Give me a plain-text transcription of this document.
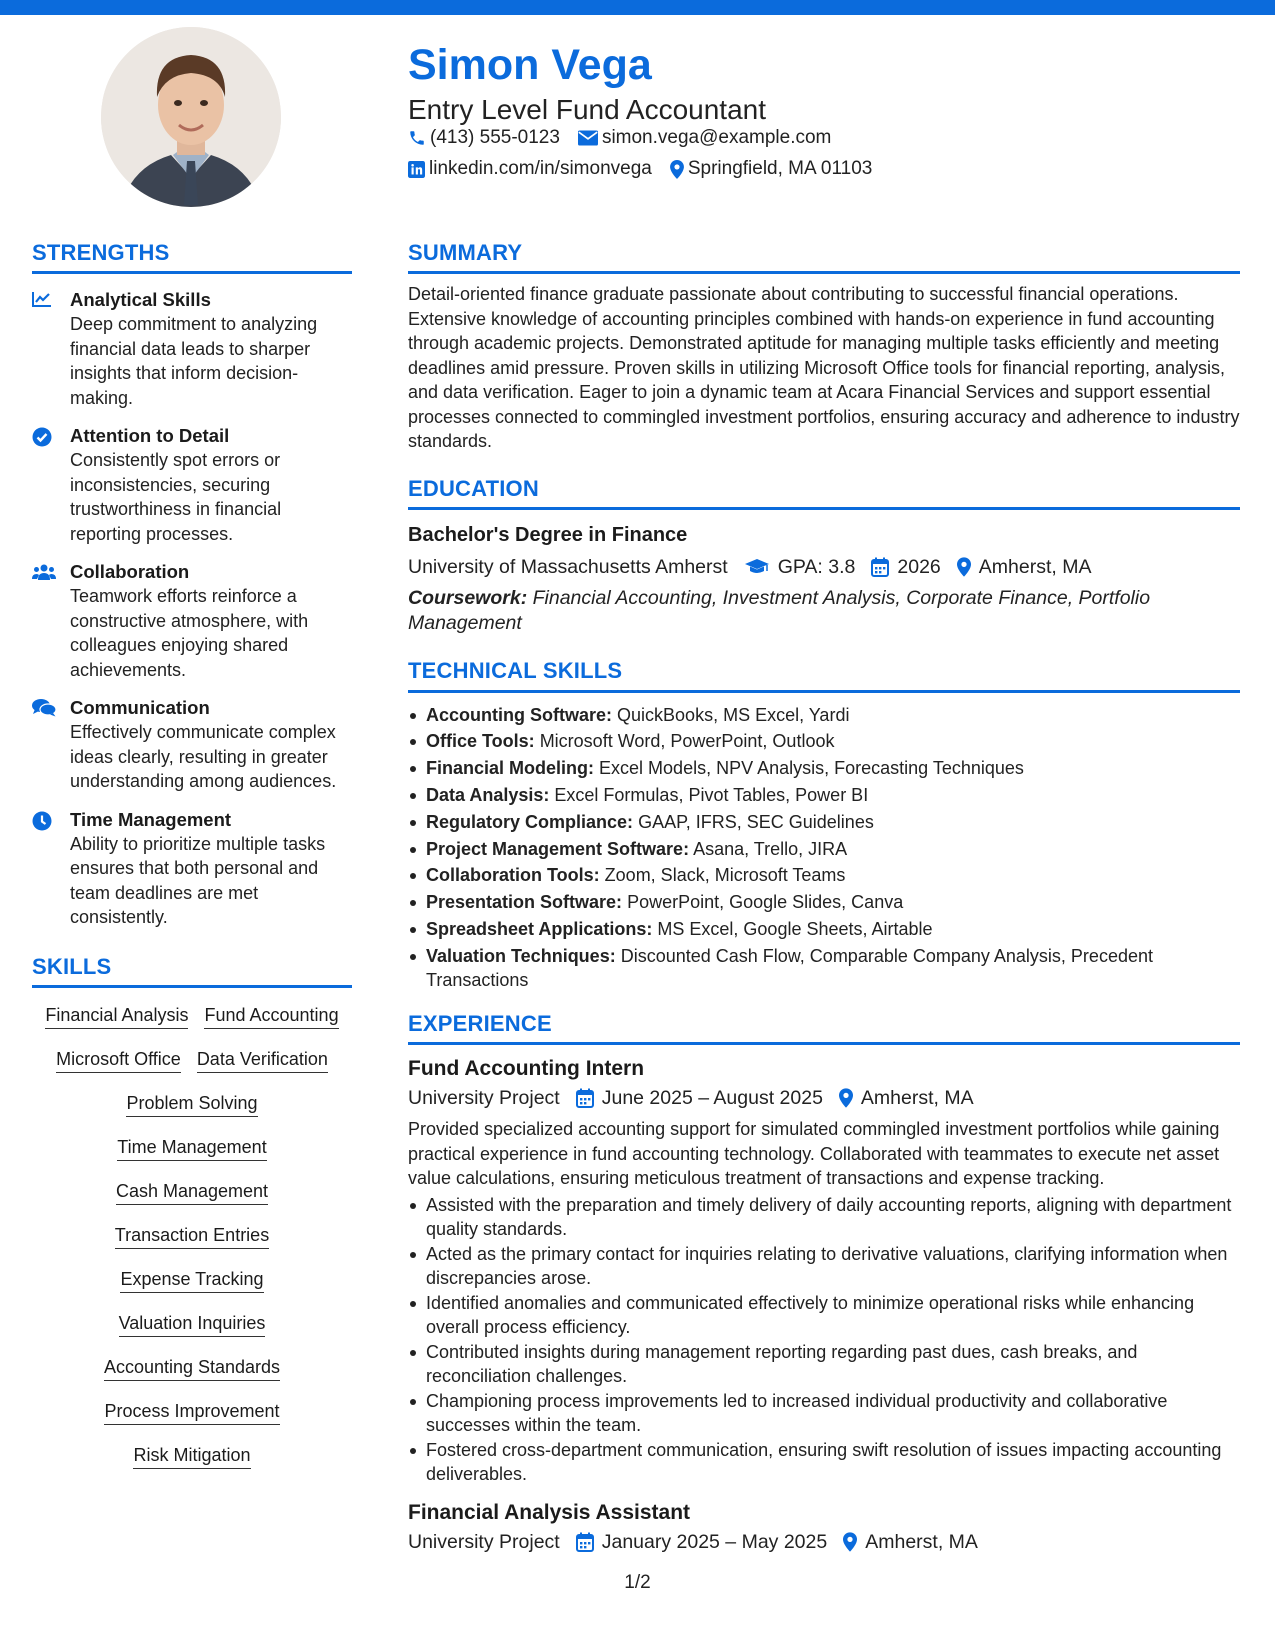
Simon Vega
Entry Level Fund Accountant
(413) 555-0123 simon.vega@example.com
linkedin.com/in/simonvega Springfield, MA 01103
STRENGTHS
Analytical Skills
Deep commitment to analyzing financial data leads to sharper insights that inform decision-making.
Attention to Detail
Consistently spot errors or inconsistencies, securing trustworthiness in financial reporting processes.
Collaboration
Teamwork efforts reinforce a constructive atmosphere, with colleagues enjoying shared achievements.
Communication
Effectively communicate complex ideas clearly, resulting in greater understanding among audiences.
Time Management
Ability to prioritize multiple tasks ensures that both personal and team deadlines are met consistently.
SKILLS
Financial Analysis Fund Accounting
Microsoft Office Data Verification
Problem Solving
Time Management
Cash Management
Transaction Entries
Expense Tracking
Valuation Inquiries
Accounting Standards
Process Improvement
Risk Mitigation
SUMMARY
Detail-oriented finance graduate passionate about contributing to successful financial operations. Extensive knowledge of accounting principles combined with hands-on experience in fund accounting through academic projects. Demonstrated aptitude for managing multiple tasks efficiently and meeting deadlines amid pressure. Proven skills in utilizing Microsoft Office tools for financial reporting, analysis, and data verification. Eager to join a dynamic team at Acara Financial Services and support essential processes connected to commingled investment portfolios, ensuring accuracy and adherence to industry standards.
EDUCATION
Bachelor's Degree in Finance
University of Massachusetts Amherst	GPA: 3.8 2026 Amherst, MA
Coursework: Financial Accounting, Investment Analysis, Corporate Finance, Portfolio Management
TECHNICAL SKILLS
Accounting Software: QuickBooks, MS Excel, Yardi
Office Tools: Microsoft Word, PowerPoint, Outlook
Financial Modeling: Excel Models, NPV Analysis, Forecasting Techniques
Data Analysis: Excel Formulas, Pivot Tables, Power BI
Regulatory Compliance: GAAP, IFRS, SEC Guidelines
Project Management Software: Asana, Trello, JIRA
Collaboration Tools: Zoom, Slack, Microsoft Teams
Presentation Software: PowerPoint, Google Slides, Canva
Spreadsheet Applications: MS Excel, Google Sheets, Airtable
Valuation Techniques: Discounted Cash Flow, Comparable Company Analysis, Precedent Transactions
EXPERIENCE
Fund Accounting Intern
University Project June 2025 – August 2025 Amherst, MA
Provided specialized accounting support for simulated commingled investment portfolios while gaining practical experience in fund accounting technology. Collaborated with teammates to execute net asset value calculations, ensuring meticulous treatment of transactions and expense tracking.
Assisted with the preparation and timely delivery of daily accounting reports, aligning with department quality standards.
Acted as the primary contact for inquiries relating to derivative valuations, clarifying information when discrepancies arose.
Identified anomalies and communicated effectively to minimize operational risks while enhancing overall process efficiency.
Contributed insights during management reporting regarding past dues, cash breaks, and reconciliation challenges.
Championing process improvements led to increased individual productivity and collaborative successes within the team.
Fostered cross-department communication, ensuring swift resolution of issues impacting accounting deliverables.
Financial Analysis Assistant
University Project January 2025 – May 2025 Amherst, MA
1/2
